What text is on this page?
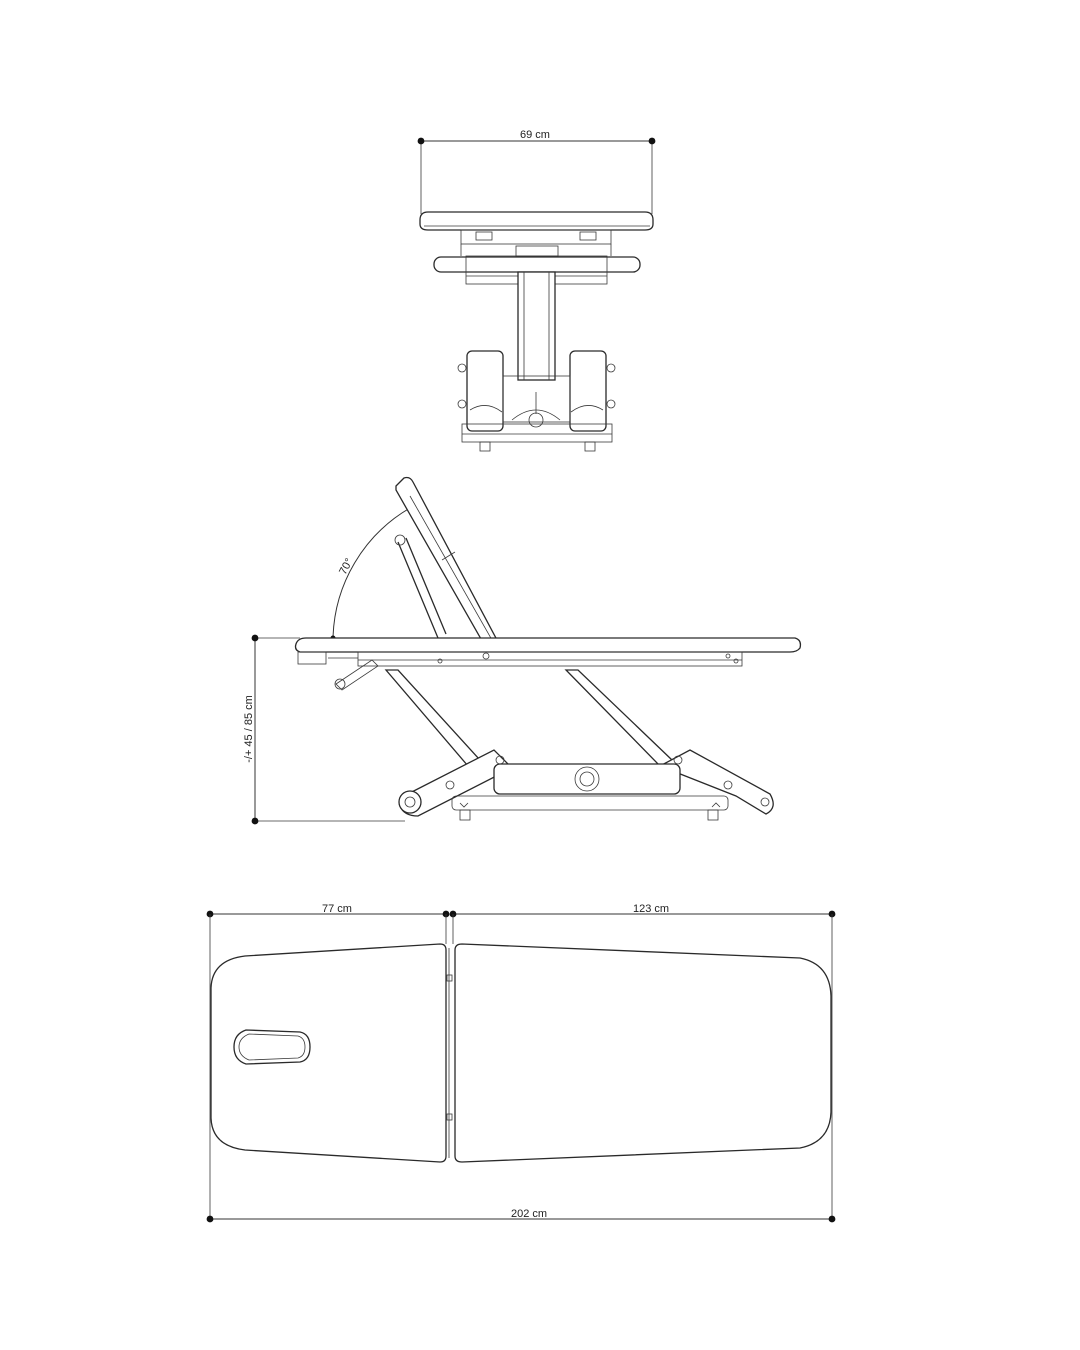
69 cm
-/+ 45 / 85 cm
70°
77 cm	123 cm
202 cm
